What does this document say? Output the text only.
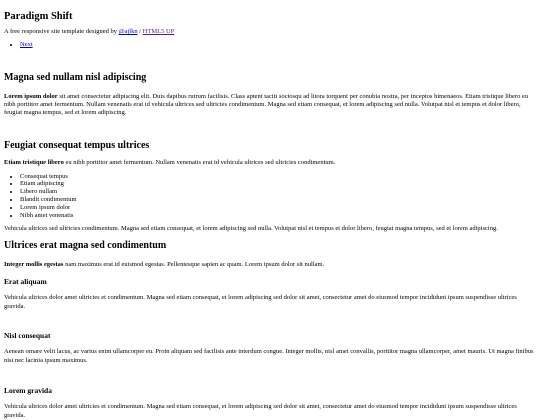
Paradigm Shift

A free responsive site template designed by @ajlkn / HTML5 UP

• Next
Magna sed nullam nisl adipiscing

Lorem ipsum dolor sit amet consectetur adipiscing elit. Duis dapibus rutrum facilisis. Class aptent taciti sociosqu ad litora torquent per conubia nostra, per inceptos himenaeos. Etiam tristique libero eu nibh porttitor amet fermentum. Nullam venenatis erat id vehicula ultrices sed ultricies condimentum. Magna sed etiam consequat, et lorem adipiscing sed nulla. Volutpat nisl et tempus et dolor libero, feugiat magna tempus, sed et lorem adipiscing.

Feugiat consequat tempus ultrices

Etiam tristique libero eu nibh porttitor amet fermentum. Nullam venenatis erat id vehicula ultrices sed ultricies condimentum.

• Consequat tempus
• Etiam adipiscing
• Libero nullam
• Blandit condimentum
• Lorem ipsum dolor
• Nibh amet venenatis

Vehicula ultrices sed ultricies condimentum. Magna sed etiam consequat, et lorem adipiscing sed nulla. Volutpat nisl et tempus et dolor libero, feugiat magna tempus, sed et lorem adipiscing.

Ultrices erat magna sed condimentum

Integer mollis egestas nam maximus erat id euismod egestas. Pellentesque sapien ac quam. Lorem ipsum dolor sit nullam.

Erat aliquam

Vehicula ultrices dolor amet ultricies et condimentum. Magna sed etiam consequat, et lorem adipiscing sed dolor sit amet, consectetur amet do eiusmod tempor incididunt ipsum suspendisse ultrices gravida.

Nisl consequat

Aenean ornare velit lacus, ac varius enim ullamcorper eu. Proin aliquam sed facilisis ante interdum congue. Integer mollis, nisl amet convallis, porttitor magna ullamcorper, amet mauris. Ut magna finibus nisi nec lacinia ipsum maximus.

Lorem gravida

Vehicula ultrices dolor amet ultricies et condimentum. Magna sed etiam consequat, et lorem adipiscing sed dolor sit amet, consectetur amet do eiusmod tempor incididunt ipsum suspendisse ultrices gravida.
